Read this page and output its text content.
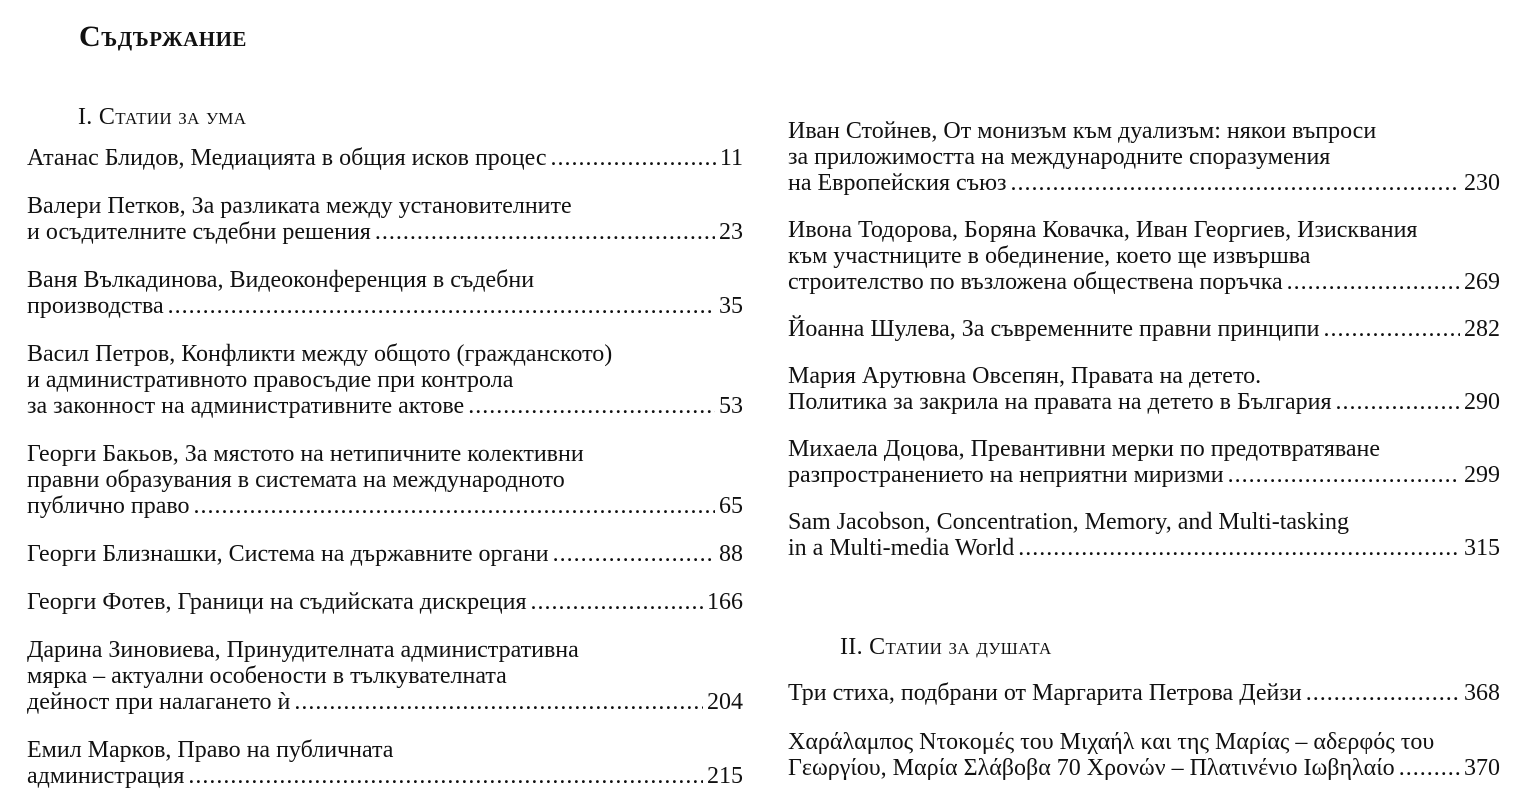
Съдържание
I. Статии за ума
Атанас Блидов, Медиацията в общия исков процес .....	11
Валери Петков, За разликата между установителните
и осъдителните съдебни решения .....	23
Ваня Вълкадинова, Видеоконференция в съдебни
производства .....	35
Васил Петров, Конфликти между общото (гражданското)
и административното правосъдие при контрола
за законност на административните актове .....	53
Георги Бакьов, За мястото на нетипичните колективни
правни образувания в системата на международното
публично право .....	65
Георги Близнашки, Система на държавните органи .....	88
Георги Фотев, Граници на съдийската дискреция .....	166
Дарина Зиновиева, Принудителната административна
мярка – актуални особености в тълкувателната
дейност при налагането ѝ .....	204
Емил Марков, Право на публичната
администрация .....	215
Иван Стойнев, От монизъм към дуализъм: някои въпроси
за приложимостта на международните споразумения
на Европейския съюз .....	230
Ивона Тодорова, Боряна Ковачка, Иван Георгиев, Изисквания
към участниците в обединение, което ще извършва
строителство по възложена обществена поръчка .....	269
Йоанна Шулева, За съвременните правни принципи .....	282
Мария Арутювна Овсепян, Правата на детето.
Политика за закрила на правата на детето в България .....	290
Михаела Доцова, Превантивни мерки по предотвратяване
разпространението на неприятни миризми .....	299
Sam Jacobson, Concentration, Memory, and Multi-tasking
in a Multi-media World .....	315
II. Статии за душата
Три стиха, подбрани от Маргарита Петрова Дейзи .....	368
Χαράλαμπος Ντοκομές του Μιχαήλ και της Μαρίας – αδερφός του
Γεωργίου, Μαρία Σλάβοβα 70 Χρονών – Πλατινένιο Ιωβηλαίο .....	370
